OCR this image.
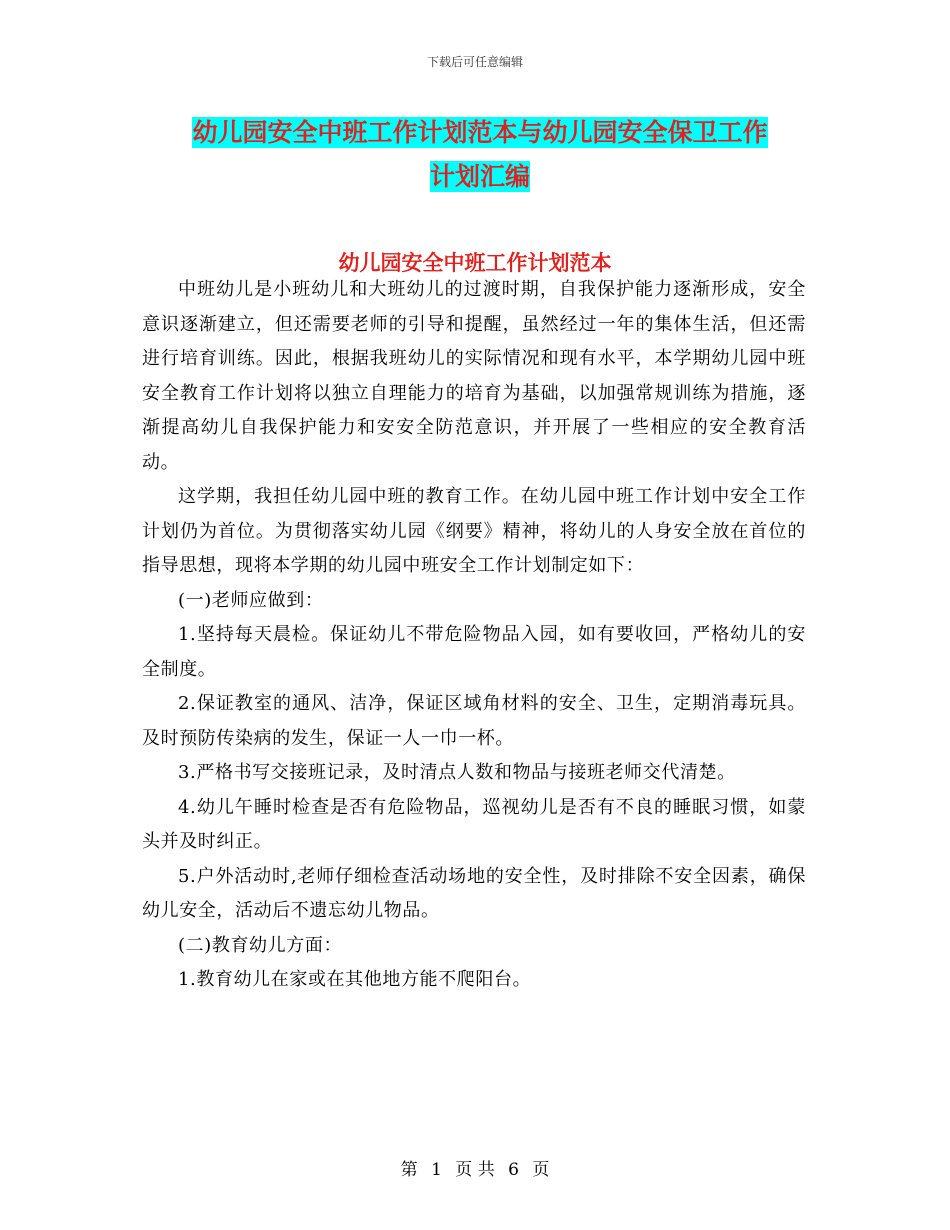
下载后可任意编辑
幼儿园安全中班工作计划范本与幼儿园安全保卫工作
计划汇编
幼儿园安全中班工作计划范本

中班幼儿是小班幼儿和大班幼儿的过渡时期，自我保护能力逐渐形成，安全意识逐渐建立，但还需要老师的引导和提醒，虽然经过一年的集体生活，但还需进行培育训练。因此，根据我班幼儿的实际情况和现有水平，本学期幼儿园中班安全教育工作计划将以独立自理能力的培育为基础，以加强常规训练为措施，逐渐提高幼儿自我保护能力和安安全防范意识，并开展了一些相应的安全教育活动。

这学期，我担任幼儿园中班的教育工作。在幼儿园中班工作计划中安全工作计划仍为首位。为贯彻落实幼儿园《纲要》精神，将幼儿的人身安全放在首位的指导思想，现将本学期的幼儿园中班安全工作计划制定如下：

(一)老师应做到：

1.坚持每天晨检。保证幼儿不带危险物品入园，如有要收回，严格幼儿的安全制度。

2.保证教室的通风、洁净，保证区域角材料的安全、卫生，定期消毒玩具。及时预防传染病的发生，保证一人一巾一杯。

3.严格书写交接班记录，及时清点人数和物品与接班老师交代清楚。

4.幼儿午睡时检查是否有危险物品，巡视幼儿是否有不良的睡眠习惯，如蒙头并及时纠正。

5.户外活动时,老师仔细检查活动场地的安全性，及时排除不安全因素，确保幼儿安全，活动后不遗忘幼儿物品。

(二)教育幼儿方面：

1.教育幼儿在家或在其他地方能不爬阳台。

第 1 页 共 6 页
